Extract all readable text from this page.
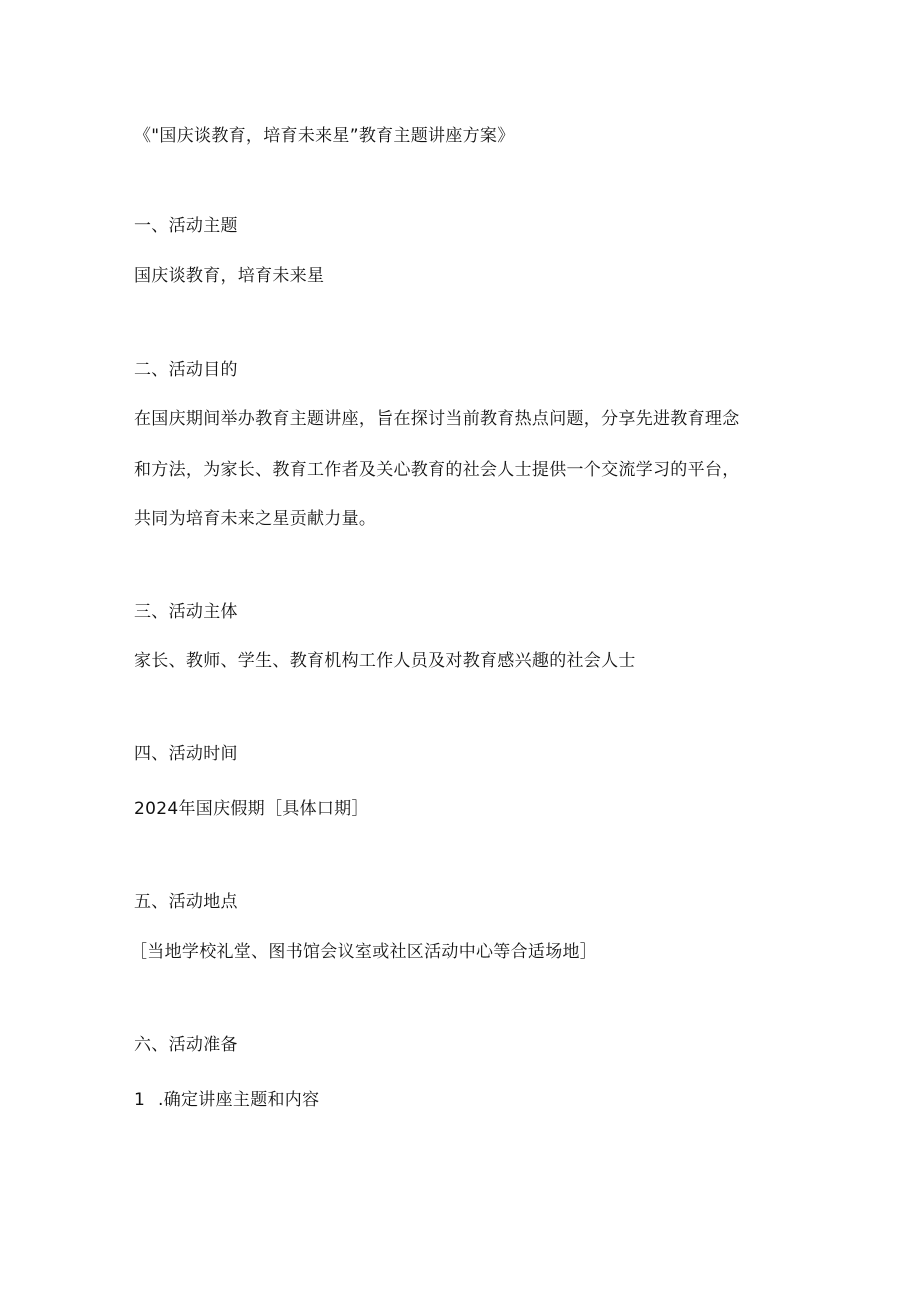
《"国庆谈教育，培育未来星”教育主题讲座方案》
一、活动主题
国庆谈教育，培育未来星
二、活动目的
在国庆期间举办教育主题讲座，旨在探讨当前教育热点问题，分享先进教育理念
和方法，为家长、教育工作者及关心教育的社会人士提供一个交流学习的平台，
共同为培育未来之星贡献力量。
三、活动主体
家长、教师、学生、教育机构工作人员及对教育感兴趣的社会人士
四、活动时间
2024年国庆假期［具体口期］
五、活动地点
［当地学校礼堂、图书馆会议室或社区活动中心等合适场地］
六、活动准备
1 .确定讲座主题和内容
